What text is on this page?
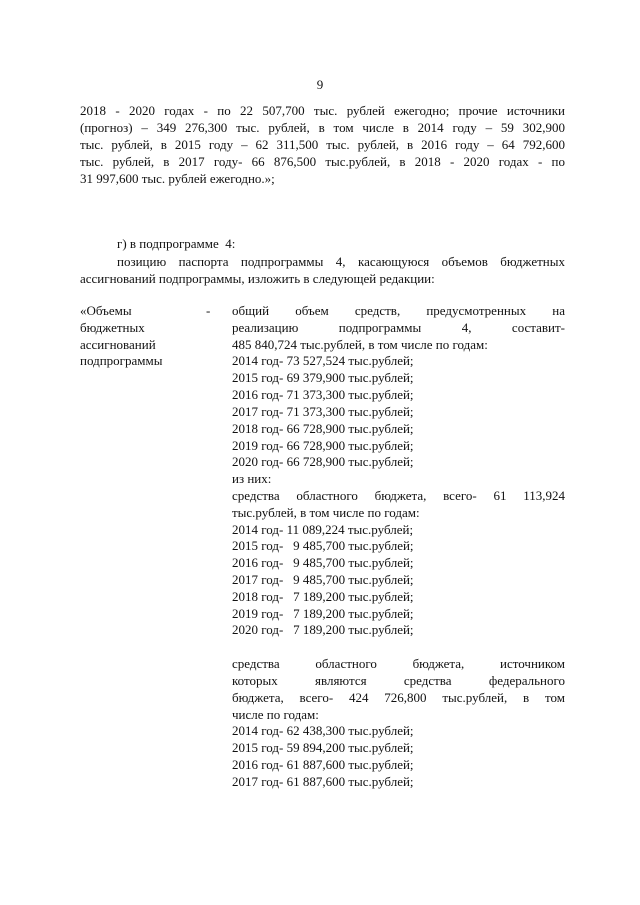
9
2018 - 2020 годах - по 22 507,700 тыс. рублей ежегодно; прочие источники
(прогноз) – 349 276,300 тыс. рублей, в том числе в 2014 году – 59 302,900
тыс. рублей, в 2015 году – 62 311,500 тыс. рублей, в 2016 году – 64 792,600
тыс. рублей, в 2017 году- 66 876,500 тыс.рублей, в 2018 - 2020 годах - по
31 997,600 тыс. рублей ежегодно.»;
г) в подпрограмме  4:
позицию паспорта подпрограммы 4, касающуюся объемов бюджетных
ассигнований подпрограммы, изложить в следующей редакции:
«Объемы
бюджетных
ассигнований
подпрограммы
- общий объем средств, предусмотренных на
реализацию подпрограммы 4, составит-
485 840,724 тыс.рублей, в том числе по годам:
2014 год- 73 527,524 тыс.рублей;
2015 год- 69 379,900 тыс.рублей;
2016 год- 71 373,300 тыс.рублей;
2017 год- 71 373,300 тыс.рублей;
2018 год- 66 728,900 тыс.рублей;
2019 год- 66 728,900 тыс.рублей;
2020 год- 66 728,900 тыс.рублей;
из них:
средства областного бюджета, всего- 61 113,924
тыс.рублей, в том числе по годам:
2014 год- 11 089,224 тыс.рублей;
2015 год-   9 485,700 тыс.рублей;
2016 год-   9 485,700 тыс.рублей;
2017 год-   9 485,700 тыс.рублей;
2018 год-   7 189,200 тыс.рублей;
2019 год-   7 189,200 тыс.рублей;
2020 год-   7 189,200 тыс.рублей;
средства областного бюджета, источником
которых являются средства федерального
бюджета, всего- 424 726,800 тыс.рублей, в том
числе по годам:
2014 год- 62 438,300 тыс.рублей;
2015 год- 59 894,200 тыс.рублей;
2016 год- 61 887,600 тыс.рублей;
2017 год- 61 887,600 тыс.рублей;
